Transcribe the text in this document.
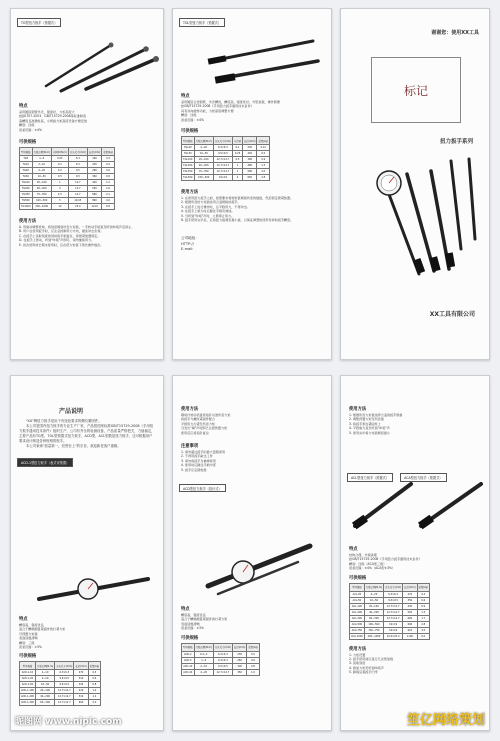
TG型扭力扳手（预置式）
特点
采用镀铬钢管外壳，强度好，力矩高度大
按JJG707-2003、GB/T15729-2008等标准制造
高精度且准确性高，小规格力矩高度设备方便安装
精度：四级
误差范围：±4%
可供规格
型号规格	力矩范围(N·m)	分辨率(N·m)	方头尺寸(mm)	长度(mm)	重量(kg)
TG5	1~5	0.05	6.3	190	0.3
TG10	2~10	0.1	6.3	245	0.4
TG20	4~20	0.2	9.5	280	0.6
TG50	10~50	0.5	9.5	360	0.8
TG100	20~100	1	12.7	440	1.2
TG200	40~200	2	12.7	550	1.6
TG350	70~350	2.5	12.7	680	2.1
TG500	100~500	5	19.05	890	4.0
TG1000	200~1000	10	25.4	1210	6.8
使用方法
A. 用旋动调整机构，将刻度调到所需力矩值，一手转动手柄直至听到咔嗒声后停止。
B. 用户在使用扳手时，应注意控制用力方向，避免冲击负荷。
C. 在扳手上读取刻度的同时将手柄复位，使锁紧装置锁定。
D. 在扳手上拨动，听到"咔嗒"声即可，请勿继续用力。
E. 首次使用或长期未使用时，应在低力矩值下预先操作数次。
TGL型扭力扳手（预置式）
特点
采用镀铬合金钢管，外壳精致，精度高，强度性好，外型美观，操作简便
按GB/T15729-2008《手用扭力扳手通用技术条件》
具有双向旋转功能，力矩高度调整方便
精度：四级
误差范围：±4%
可供规格
型号规格	力矩范围(N·m)	方头尺寸(mm)	分度值	长度(mm)	重量(kg)
TGL20	4~20	6.3×6.3	0.1	245	0.12
TGL50	10~50	9.5×9.5	0.25	320	0.5
TGL100	20~100	12.7×12.7	0.5	390	0.9
TGL200	40~200	12.7×12.7	1	480	1.3
TGL350	70~350	12.7×12.7	1	580	2.0
TGL500	100~500	19×19	2	650	2.8
使用方法
1. 在使用扭力扳手之前，按照要求将转矩值调到所需的数值，然后锁定锁紧装置。
2. 根据所需的力矩值选用合适规格的扳手。
3. 在扳手上进行操作时，应平稳用力，不得冲击。
4. 在扳手上施力时应握住手柄有效线。
5. 当听到"咔嗒"声时，立即停止用力。
6. 扳手使用完毕后，应将扭力值调至最小值，以保证弹簧的使用寿命和扳手精度。
公司地址：
HTTP://
E-mail:
谢谢您：使用XX工具
标记
扭力扳手系列
XX工具有限公司
产品说明
"XX"牌扭力扳手是用于有扭矩要求的螺纹紧固件。
本公司是国内扭力扳手的专业生产厂家，产品按国家标准GB/T15729-2008《手用扭力扳手通用技术条件》组织生产，公司有齐全的检测设备，产品质量严格把关，力值稳定，主要产品有TG型、TGL型预置式扭力扳手，ACD型、ACL型数显扭力扳手，还可根据用户要求设计制造各种规格的扳手。
本公司秉承"质量第一，信誉至上"的宗旨，欢迎新老客户惠顾。
ACD-1型扭力扳手（表式可预置）
特点
精度高，强度优良
适合于精确测量紧固件的拧紧力矩
可预置力矩值
表盘读数清晰
精度：三级
误差范围：±3%
可供规格
型号规格	力矩范围(N·m)	方头尺寸(mm)	长度(mm)	重量(kg)
ACD-1-10	2~10	6.3×6.3	270	0.5
ACD-1-20	4~20	9.5×9.5	310	0.6
ACD-1-50	10~50	9.5×9.5	345	0.8
ACD-1-100	20~100	12.7×12.7	410	1.0
ACD-1-200	40~200	12.7×12.7	510	1.4
ACD-1-300	60~300	12.7×12.7	600	2.0
昵图网 www.nipic.com
使用方法
顺时针转动表盘使指针对准所需力矩
将扳手与螺纹紧固件配合
平稳用力拧紧至所需力矩
当发出"嘀"声时即已达到预置力矩
使用后应将指针复位
注意事项
1. 请勿超过扳手的最大量程使用
2. 不得用扳手敲击工件
3. 请勿将扳手当撬棒使用
4. 使用时应握住手柄中部
5. 扳手应定期校准
ACD型扭力扳手（指针式）
特点
精度高，强度优良
适合于精确测量紧固件的拧紧力矩
表盘读数清晰
误差范围：±3%
可供规格
型号规格	力矩范围(N·m)	方头尺寸(mm)	长度(mm)	重量(kg)
ACD-2	0.4~2	6.3×6.3	230	0.5
ACD-5	1~5	6.3×6.3	260	0.6
ACD-10	2~10	9.5×9.5	300	0.8
ACD-20	4~20	12.7×12.7	350	1.0
使用方法
1. 根据所需力矩值选择合适的扳手规格
2. 调整预置力矩至所需值
3. 将扳手套在紧固件上
4. 平稳施力直至听到"咔嗒"声
5. 使用完毕将力矩值调回最小
ACL型扭力扳手（预置式）	ACA型扭力扳手（预置式）
特点
结构合理，外观美观
按GB/T15729-2008《手用扭力扳手通用技术条件》
精度：四级（ACA型三级）
误差范围：±4%（ACA型±3%）
可供规格
型号规格	力矩范围(N·m)	方头尺寸(mm)	长度(mm)	重量(kg)
ACL-20	4~20	6.3×6.3	270	0.4
ACL-50	10~50	9.5×9.5	350	0.6
ACL-100	20~100	12.7×12.7	430	0.9
ACL-200	40~200	12.7×12.7	520	1.3
ACL-300	60~300	12.7×12.7	600	1.7
ACA-500	100~500	19×19	690	2.8
ACA-750	150~750	19×19	910	4.5
ACA-1000	200~1000	25.4×25.4	1100	6.0
使用方法
1. 力矩设置
2. 扳手使用前应进行几次预加载
3. 读取刻度
4. 施加力矩至听到咔嗒声
5. 卸载后将扳手归零
笙亿网络策划
